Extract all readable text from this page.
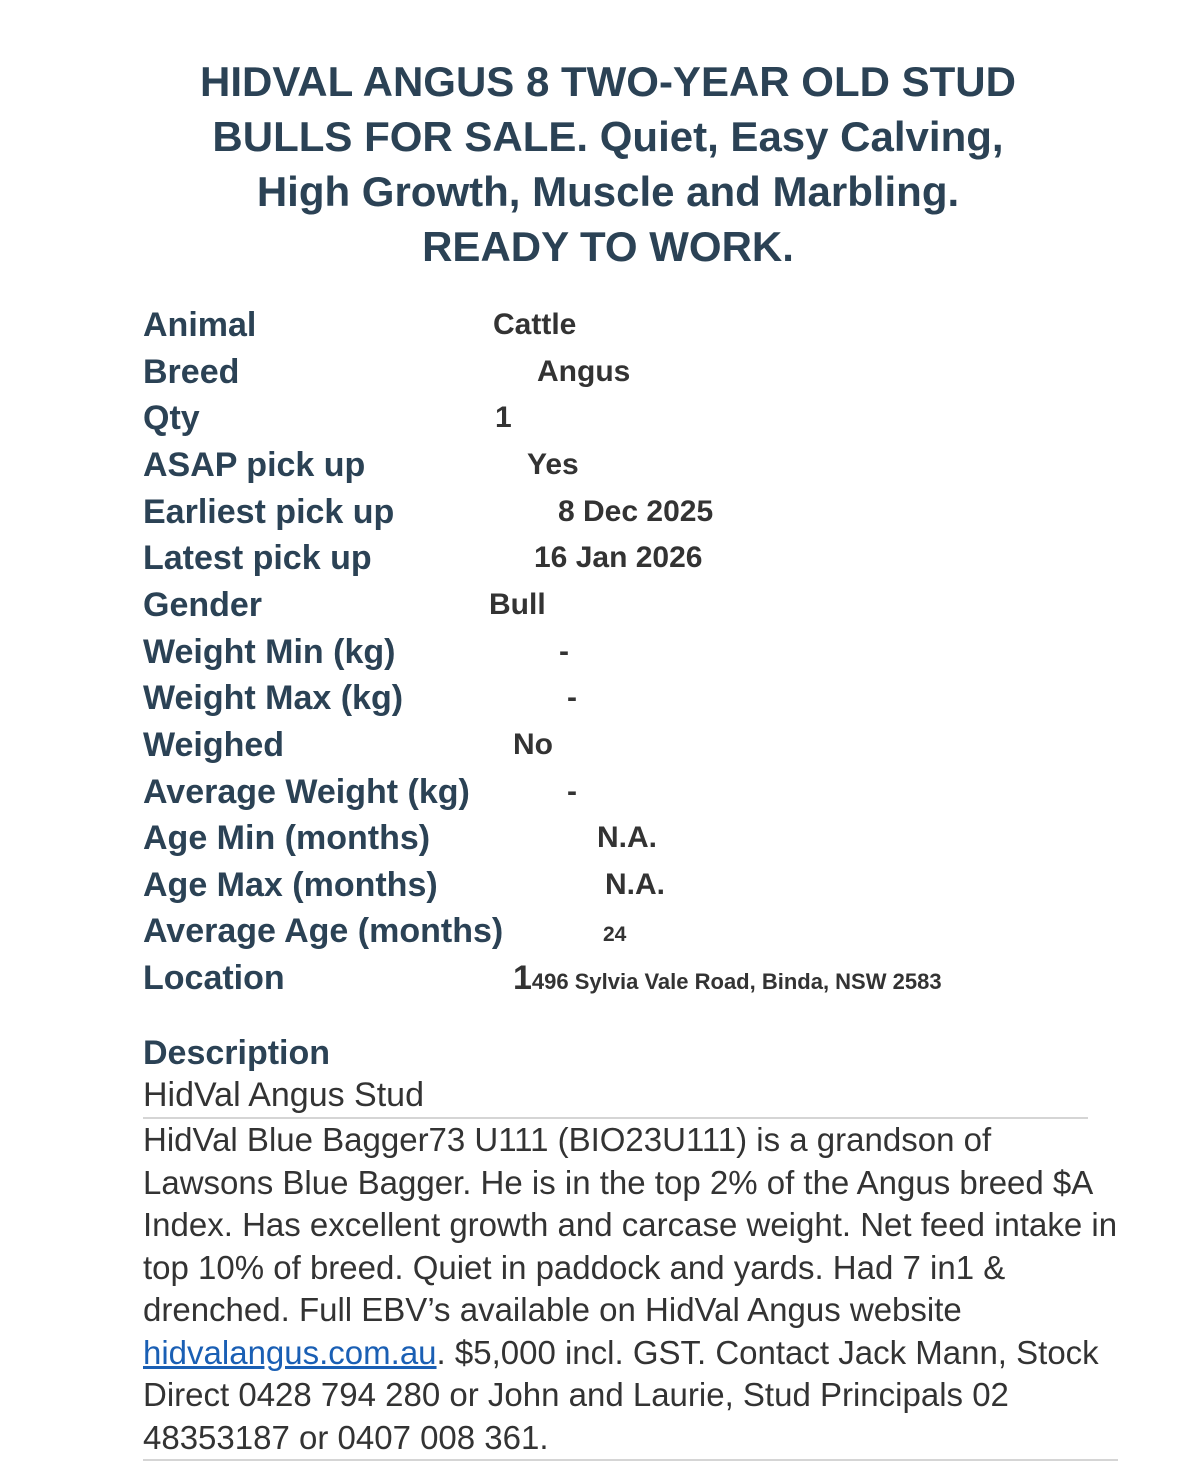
HIDVAL ANGUS 8 TWO-YEAR OLD STUD
BULLS FOR SALE. Quiet, Easy Calving,
High Growth, Muscle and Marbling.
READY TO WORK.
Animal	Cattle
Breed	Angus
Qty	1
ASAP pick up	Yes
Earliest pick up	8 Dec 2025
Latest pick up	16 Jan 2026
Gender	Bull
Weight Min (kg)	-
Weight Max (kg)	-
Weighed	No
Average Weight (kg)	-
Age Min (months)	N.A.
Age Max (months)	N.A.
Average Age (months)	24
Location	1496 Sylvia Vale Road, Binda, NSW 2583
Description
HidVal Angus Stud

HidVal Blue Bagger73 U111 (BIO23U111) is a grandson of Lawsons Blue Bagger. He is in the top 2% of the Angus breed $A Index. Has excellent growth and carcase weight. Net feed intake in top 10% of breed. Quiet in paddock and yards. Had 7 in1 & drenched. Full EBV’s available on HidVal Angus website hidvalangus.com.au. $5,000 incl. GST. Contact Jack Mann, Stock Direct 0428 794 280 or John and Laurie, Stud Principals 02 48353187 or 0407 008 361.
